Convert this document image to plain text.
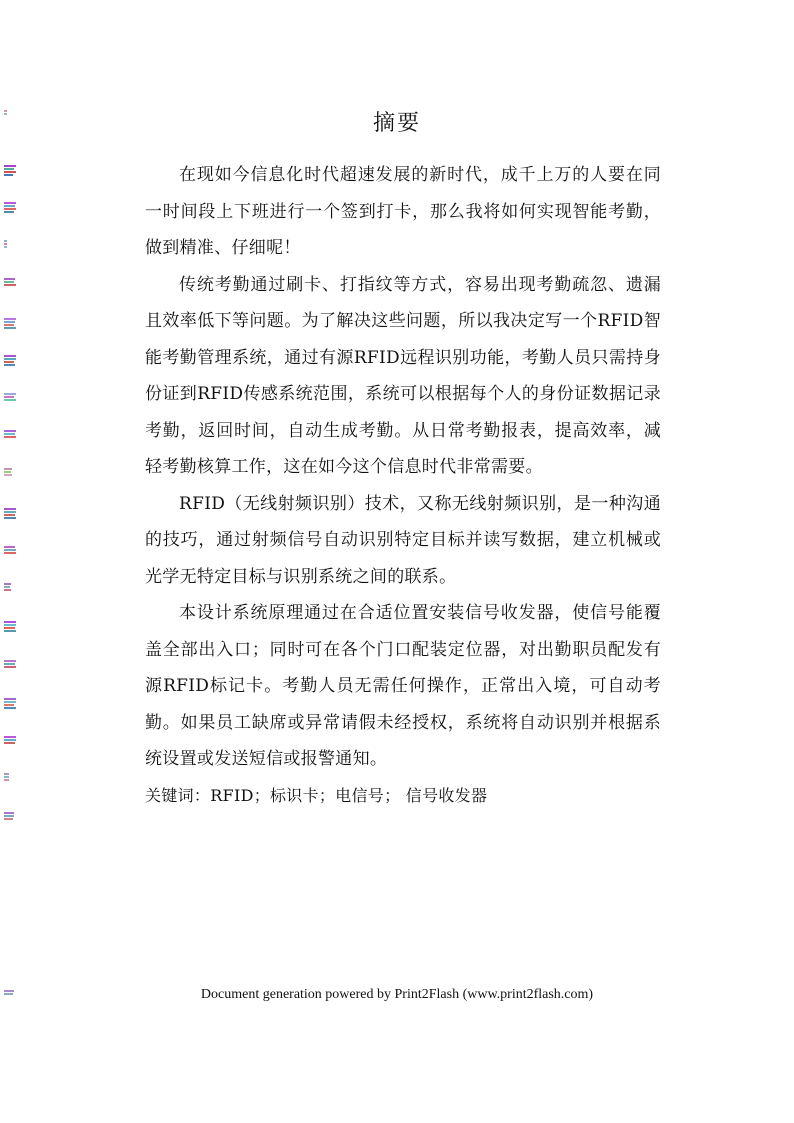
摘要

在现如今信息化时代超速发展的新时代，成千上万的人要在同一时间段上下班进行一个签到打卡，那么我将如何实现智能考勤，做到精准、仔细呢！

传统考勤通过刷卡、打指纹等方式，容易出现考勤疏忽、遗漏且效率低下等问题。为了解决这些问题，所以我决定写一个RFID智能考勤管理系统，通过有源RFID远程识别功能，考勤人员只需持身份证到RFID传感系统范围，系统可以根据每个人的身份证数据记录考勤，返回时间，自动生成考勤。从日常考勤报表，提高效率，减轻考勤核算工作，这在如今这个信息时代非常需要。

RFID（无线射频识别）技术，又称无线射频识别，是一种沟通的技巧，通过射频信号自动识别特定目标并读写数据，建立机械或光学无特定目标与识别系统之间的联系。

本设计系统原理通过在合适位置安装信号收发器，使信号能覆盖全部出入口；同时可在各个门口配装定位器，对出勤职员配发有源RFID标记卡。考勤人员无需任何操作，正常出入境，可自动考勤。如果员工缺席或异常请假未经授权，系统将自动识别并根据系统设置或发送短信或报警通知。

关键词：RFID；标识卡；电信号； 信号收发器

Document generation powered by Print2Flash (www.print2flash.com)
